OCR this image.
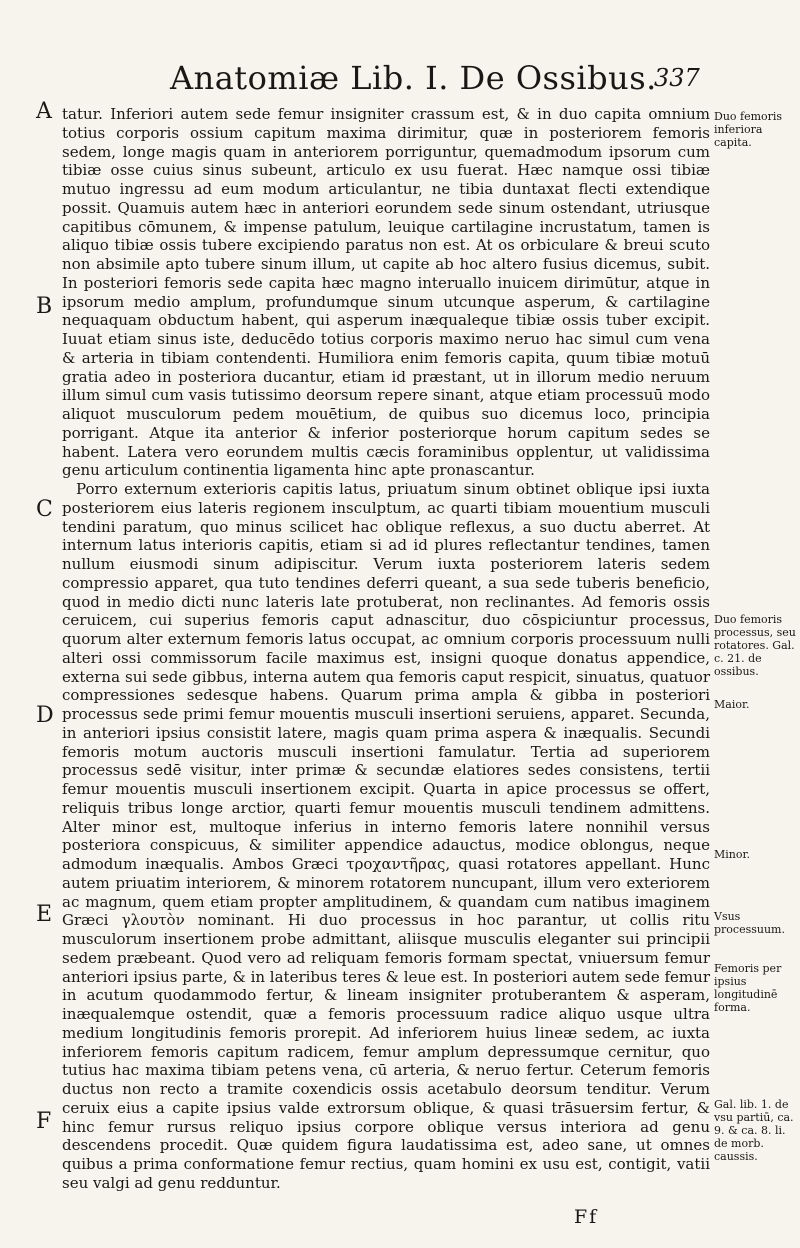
Anatomiæ Lib. I. De Ossibus.
337
A
B
C
D
E
F

tatur. Inferiori autem sede femur insigniter crassum est, & in duo capita omnium totius corporis ossium capitum maxima dirimitur, quæ in posteriorem femoris sedem, longe magis quam in anteriorem porriguntur, quemadmodum ipsorum cum tibiæ osse cuius sinus subeunt, articulo ex usu fuerat. Hæc namque ossi tibiæ mutuo ingressu ad eum modum articulantur, ne tibia duntaxat flecti extendique possit. Quamuis autem hæc in anteriori eorundem sede sinum ostendant, utriusque capitibus cōmunem, & impense patulum, leuique cartilagine incrustatum, tamen is aliquo tibiæ ossis tubere excipiendo paratus non est. At os orbiculare & breui scuto non absimile apto tubere sinum illum, ut capite ab hoc altero fusius dicemus, subit. In posteriori femoris sede capita hæc magno interuallo inuicem dirimūtur, atque in ipsorum medio amplum, profundumque sinum utcunque asperum, & cartilagine nequaquam obductum habent, qui asperum inæqualeque tibiæ ossis tuber excipit. Iuuat etiam sinus iste, deducēdo totius corporis maximo neruo hac simul cum vena & arteria in tibiam contendenti. Humiliora enim femoris capita, quum tibiæ motuū gratia adeo in posteriora ducantur, etiam id præstant, ut in illorum medio neruum illum simul cum vasis tutissimo deorsum repere sinant, atque etiam processuū modo aliquot musculorum pedem mouētium, de quibus suo dicemus loco, principia porrigant. Atque ita anterior & inferior posteriorque horum capitum sedes se habent. Latera vero eorundem multis cæcis foraminibus opplentur, ut validissima genu articulum continentia ligamenta hinc apte pronascantur.

Porro externum exterioris capitis latus, priuatum sinum obtinet oblique ipsi iuxta posteriorem eius lateris regionem insculptum, ac quarti tibiam mouentium musculi tendini paratum, quo minus scilicet hac oblique reflexus, a suo ductu aberret. At internum latus interioris capitis, etiam si ad id plures reflectantur tendines, tamen nullum eiusmodi sinum adipiscitur. Verum iuxta posteriorem lateris sedem compressio apparet, qua tuto tendines deferri queant, a sua sede tuberis beneficio, quod in medio dicti nunc lateris late protuberat, non reclinantes. Ad femoris ossis ceruicem, cui superius femoris caput adnascitur, duo cōspiciuntur processus, quorum alter externum femoris latus occupat, ac omnium corporis processuum nulli alteri ossi commissorum facile maximus est, insigni quoque donatus appendice, externa sui sede gibbus, interna autem qua femoris caput respicit, sinuatus, quatuor compressiones sedesque habens. Quarum prima ampla & gibba in posteriori processus sede primi femur mouentis musculi insertioni seruiens, apparet. Secunda, in anteriori ipsius consistit latere, magis quam prima aspera & inæqualis. Secundi femoris motum auctoris musculi insertioni famulatur. Tertia ad superiorem processus sedē visitur, inter primæ & secundæ elatiores sedes consistens, tertii femur mouentis musculi insertionem excipit. Quarta in apice processus se offert, reliquis tribus longe arctior, quarti femur mouentis musculi tendinem admittens. Alter minor est, multoque inferius in interno femoris latere nonnihil versus posteriora conspicuus, & similiter appendice adauctus, modice oblongus, neque admodum inæqualis. Ambos Græci τροχαντῆρας, quasi rotatores appellant. Hunc autem priuatim interiorem, & minorem rotatorem nuncupant, illum vero exteriorem ac magnum, quem etiam propter amplitudinem, & quandam cum natibus imaginem Græci γλουτὸν nominant. Hi duo processus in hoc parantur, ut collis ritu musculorum insertionem probe admittant, aliisque musculis eleganter sui principii sedem præbeant. Quod vero ad reliquam femoris formam spectat, vniuersum femur anteriori ipsius parte, & in lateribus teres & leue est. In posteriori autem sede femur in acutum quodammodo fertur, & lineam insigniter protuberantem & asperam, inæqualemque ostendit, quæ a femoris processuum radice aliquo usque ultra medium longitudinis femoris prorepit. Ad inferiorem huius lineæ sedem, ac iuxta inferiorem femoris capitum radicem, femur amplum depressumque cernitur, quo tutius hac maxima tibiam petens vena, cū arteria, & neruo fertur. Ceterum femoris ductus non recto a tramite coxendicis ossis acetabulo deorsum tenditur. Verum ceruix eius a capite ipsius valde extrorsum oblique, & quasi trāsuersim fertur, & hinc femur rursus reliquo ipsius corpore oblique versus interiora ad genu descendens procedit. Quæ quidem figura laudatissima est, adeo sane, ut omnes quibus a prima conformatione femur rectius, quam homini ex usu est, contigit, vatii seu valgi ad genu redduntur.

Duo femoris inferiora capita.
Duo femoris processus, seu rotatores. Gal. c. 21. de ossibus.
Maior.
Minor.
Vsus processuum.
Femoris per ipsius longitudinē forma.
Gal. lib. 1. de vsu partiū, ca. 9. & ca. 8. li. de morb. caussis.
Ff
